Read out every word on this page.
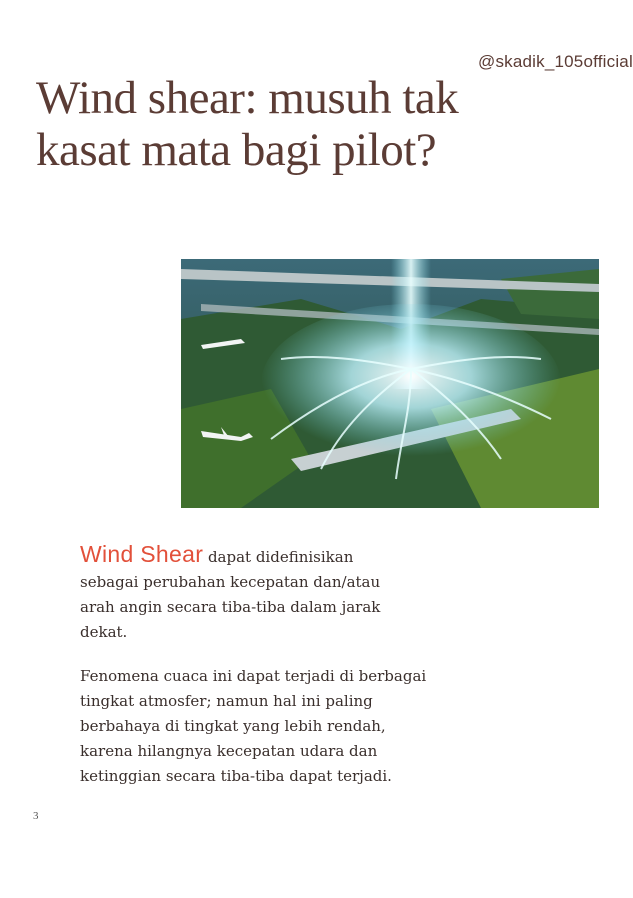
@skadik_105official
Wind shear: musuh tak
kasat mata bagi pilot?

Wind Shear dapat didefinisikan
sebagai perubahan kecepatan dan/atau
arah angin secara tiba-tiba dalam jarak
dekat.

Fenomena cuaca ini dapat terjadi di berbagai
tingkat atmosfer; namun hal ini paling
berbahaya di tingkat yang lebih rendah,
karena hilangnya kecepatan udara dan
ketinggian secara tiba-tiba dapat terjadi.

3
